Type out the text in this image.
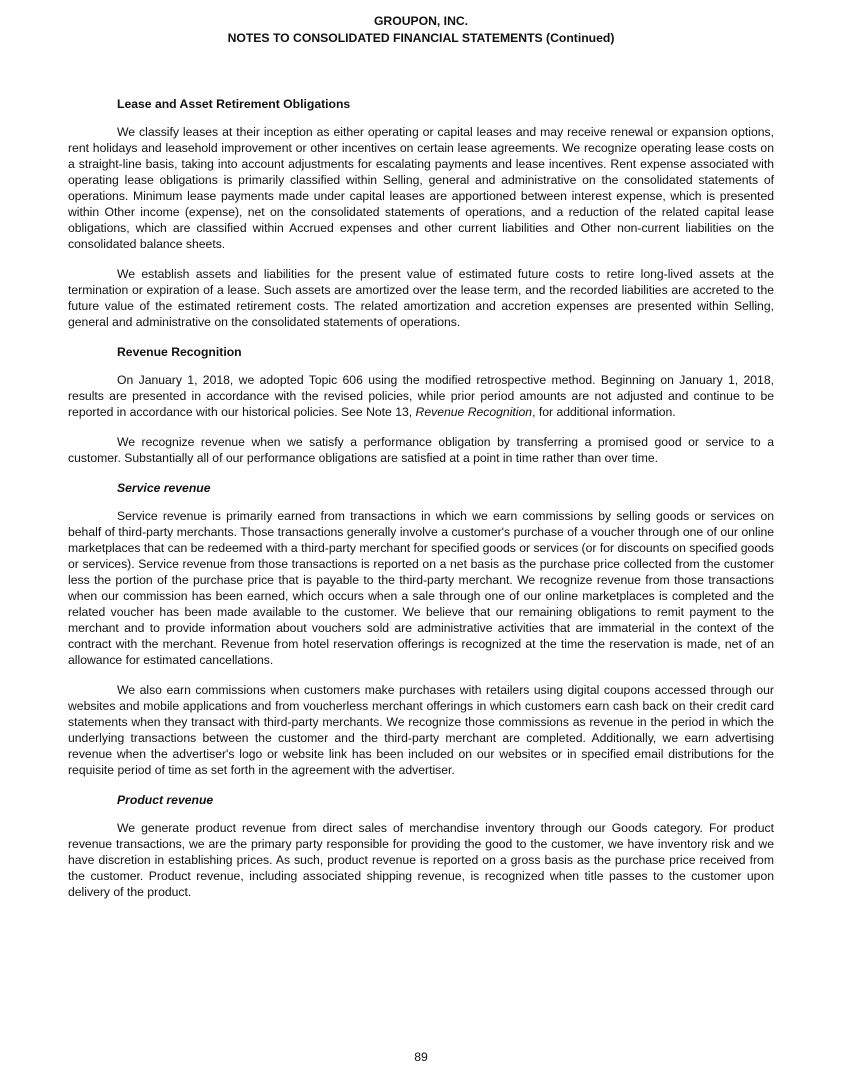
GROUPON, INC.
NOTES TO CONSOLIDATED FINANCIAL STATEMENTS (Continued)

Lease and Asset Retirement Obligations

We classify leases at their inception as either operating or capital leases and may receive renewal or expansion options, rent holidays and leasehold improvement or other incentives on certain lease agreements. We recognize operating lease costs on a straight-line basis, taking into account adjustments for escalating payments and lease incentives. Rent expense associated with operating lease obligations is primarily classified within Selling, general and administrative on the consolidated statements of operations. Minimum lease payments made under capital leases are apportioned between interest expense, which is presented within Other income (expense), net on the consolidated statements of operations, and a reduction of the related capital lease obligations, which are classified within Accrued expenses and other current liabilities and Other non-current liabilities on the consolidated balance sheets.

We establish assets and liabilities for the present value of estimated future costs to retire long-lived assets at the termination or expiration of a lease. Such assets are amortized over the lease term, and the recorded liabilities are accreted to the future value of the estimated retirement costs. The related amortization and accretion expenses are presented within Selling, general and administrative on the consolidated statements of operations.

Revenue Recognition

On January 1, 2018, we adopted Topic 606 using the modified retrospective method. Beginning on January 1, 2018, results are presented in accordance with the revised policies, while prior period amounts are not adjusted and continue to be reported in accordance with our historical policies. See Note 13, Revenue Recognition, for additional information.

We recognize revenue when we satisfy a performance obligation by transferring a promised good or service to a customer. Substantially all of our performance obligations are satisfied at a point in time rather than over time.

Service revenue

Service revenue is primarily earned from transactions in which we earn commissions by selling goods or services on behalf of third-party merchants. Those transactions generally involve a customer's purchase of a voucher through one of our online marketplaces that can be redeemed with a third-party merchant for specified goods or services (or for discounts on specified goods or services). Service revenue from those transactions is reported on a net basis as the purchase price collected from the customer less the portion of the purchase price that is payable to the third-party merchant. We recognize revenue from those transactions when our commission has been earned, which occurs when a sale through one of our online marketplaces is completed and the related voucher has been made available to the customer. We believe that our remaining obligations to remit payment to the merchant and to provide information about vouchers sold are administrative activities that are immaterial in the context of the contract with the merchant. Revenue from hotel reservation offerings is recognized at the time the reservation is made, net of an allowance for estimated cancellations.

We also earn commissions when customers make purchases with retailers using digital coupons accessed through our websites and mobile applications and from voucherless merchant offerings in which customers earn cash back on their credit card statements when they transact with third-party merchants. We recognize those commissions as revenue in the period in which the underlying transactions between the customer and the third-party merchant are completed. Additionally, we earn advertising revenue when the advertiser's logo or website link has been included on our websites or in specified email distributions for the requisite period of time as set forth in the agreement with the advertiser.

Product revenue

We generate product revenue from direct sales of merchandise inventory through our Goods category. For product revenue transactions, we are the primary party responsible for providing the good to the customer, we have inventory risk and we have discretion in establishing prices. As such, product revenue is reported on a gross basis as the purchase price received from the customer. Product revenue, including associated shipping revenue, is recognized when title passes to the customer upon delivery of the product.

89
